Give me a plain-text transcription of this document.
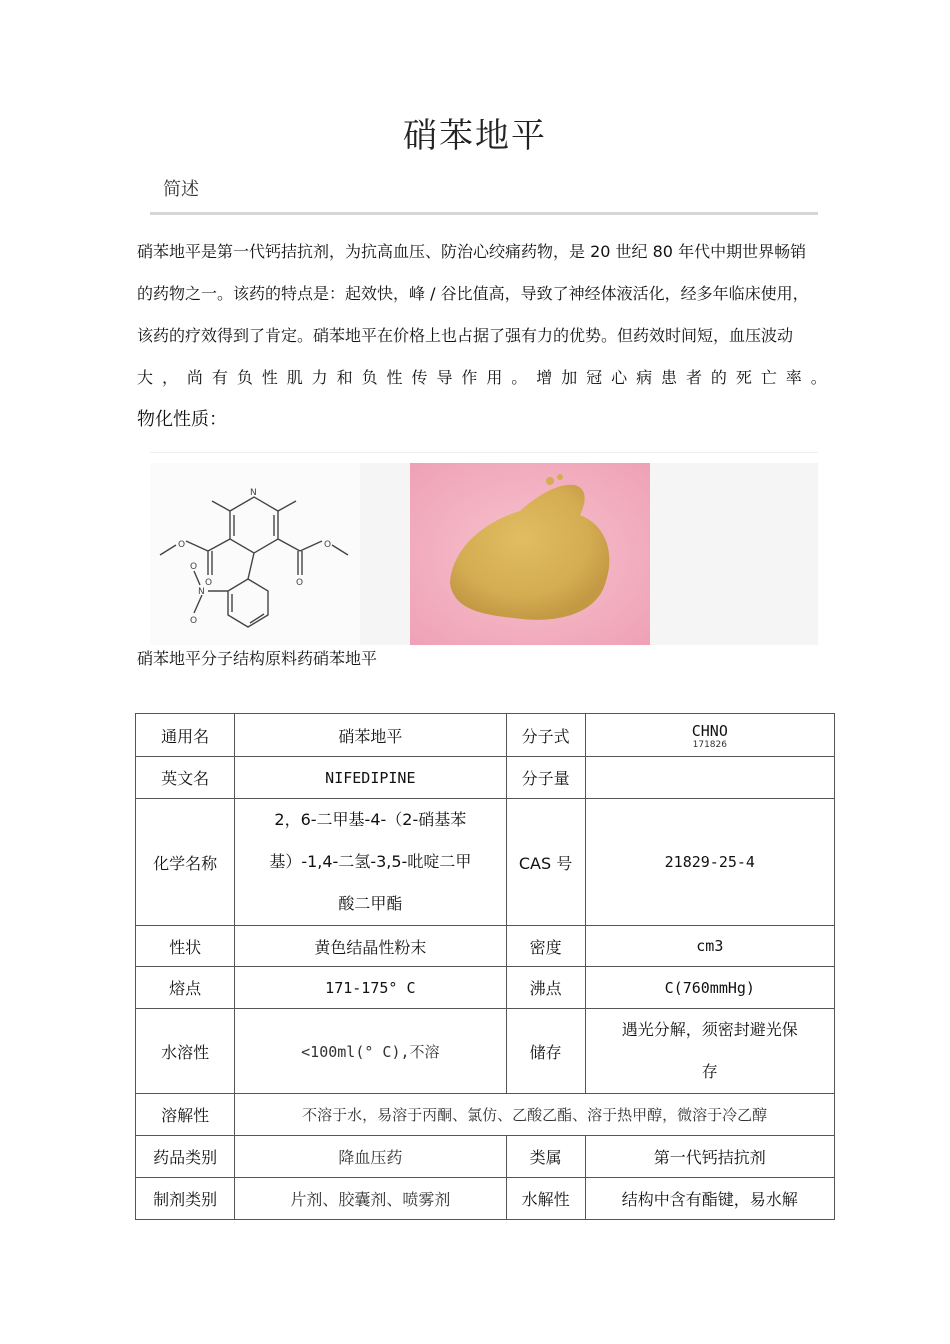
硝苯地平
简述
硝苯地平是第一代钙拮抗剂，为抗高血压、防治心绞痛药物，是 20 世纪 80 年代中期世界畅销
的药物之一。该药的特点是：起效快，峰 / 谷比值高，导致了神经体液活化，经多年临床使用，
该药的疗效得到了肯定。硝苯地平在价格上也占据了强有力的优势。但药效时间短，血压波动
大 ， 尚 有 负 性 肌 力 和 负 性 传 导 作 用 。 增 加 冠 心 病 患 者 的 死 亡 率 。
物化性质：
N
O
O
O
O
N
O
O
硝苯地平分子结构原料药硝苯地平
通用名	硝苯地平	分子式	CHNO
171826

英文名	NIFEDIPINE	分子量	
化学名称	2，6-二甲基-4-（2-硝基苯
基）-1,4-二氢-3,5-吡啶二甲
酸二甲酯	CAS 号	21829-25-4
性状	黄色结晶性粉末	密度	cm3
熔点	171-175° C	沸点	C(760mmHg)
水溶性	<100ml(° C),不溶	储存	遇光分解，须密封避光保
存

溶解性	不溶于水，易溶于丙酮、氯仿、乙酸乙酯、溶于热甲醇，微溶于冷乙醇		
药品类别	降血压药	类属	第一代钙拮抗剂
制剂类别	片剂、胶囊剂、喷雾剂	水解性	结构中含有酯键，易水解
